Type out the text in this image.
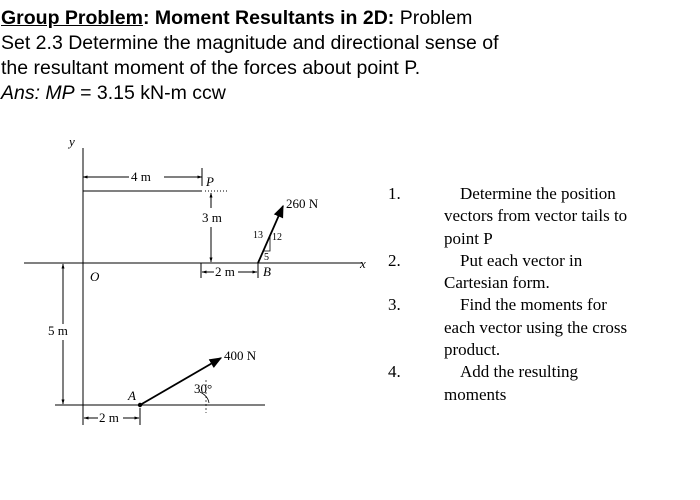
Group Problem: Moment Resultants in 2D: Problem
Set 2.3 Determine the magnitude and directional sense of
the resultant moment of the forces about point P.
Ans: MP = 3.15 kN-m ccw
y
x
O
4 m	P
3 m
2 m B
260 N
13 12
5
5 m
A
400 N
30°
2 m
1.	Determine the position
vectors from vector tails to
point P
2.	Put each vector in
Cartesian form.
3.	Find the moments for
each vector using the cross
product.
4.	Add the resulting
moments
